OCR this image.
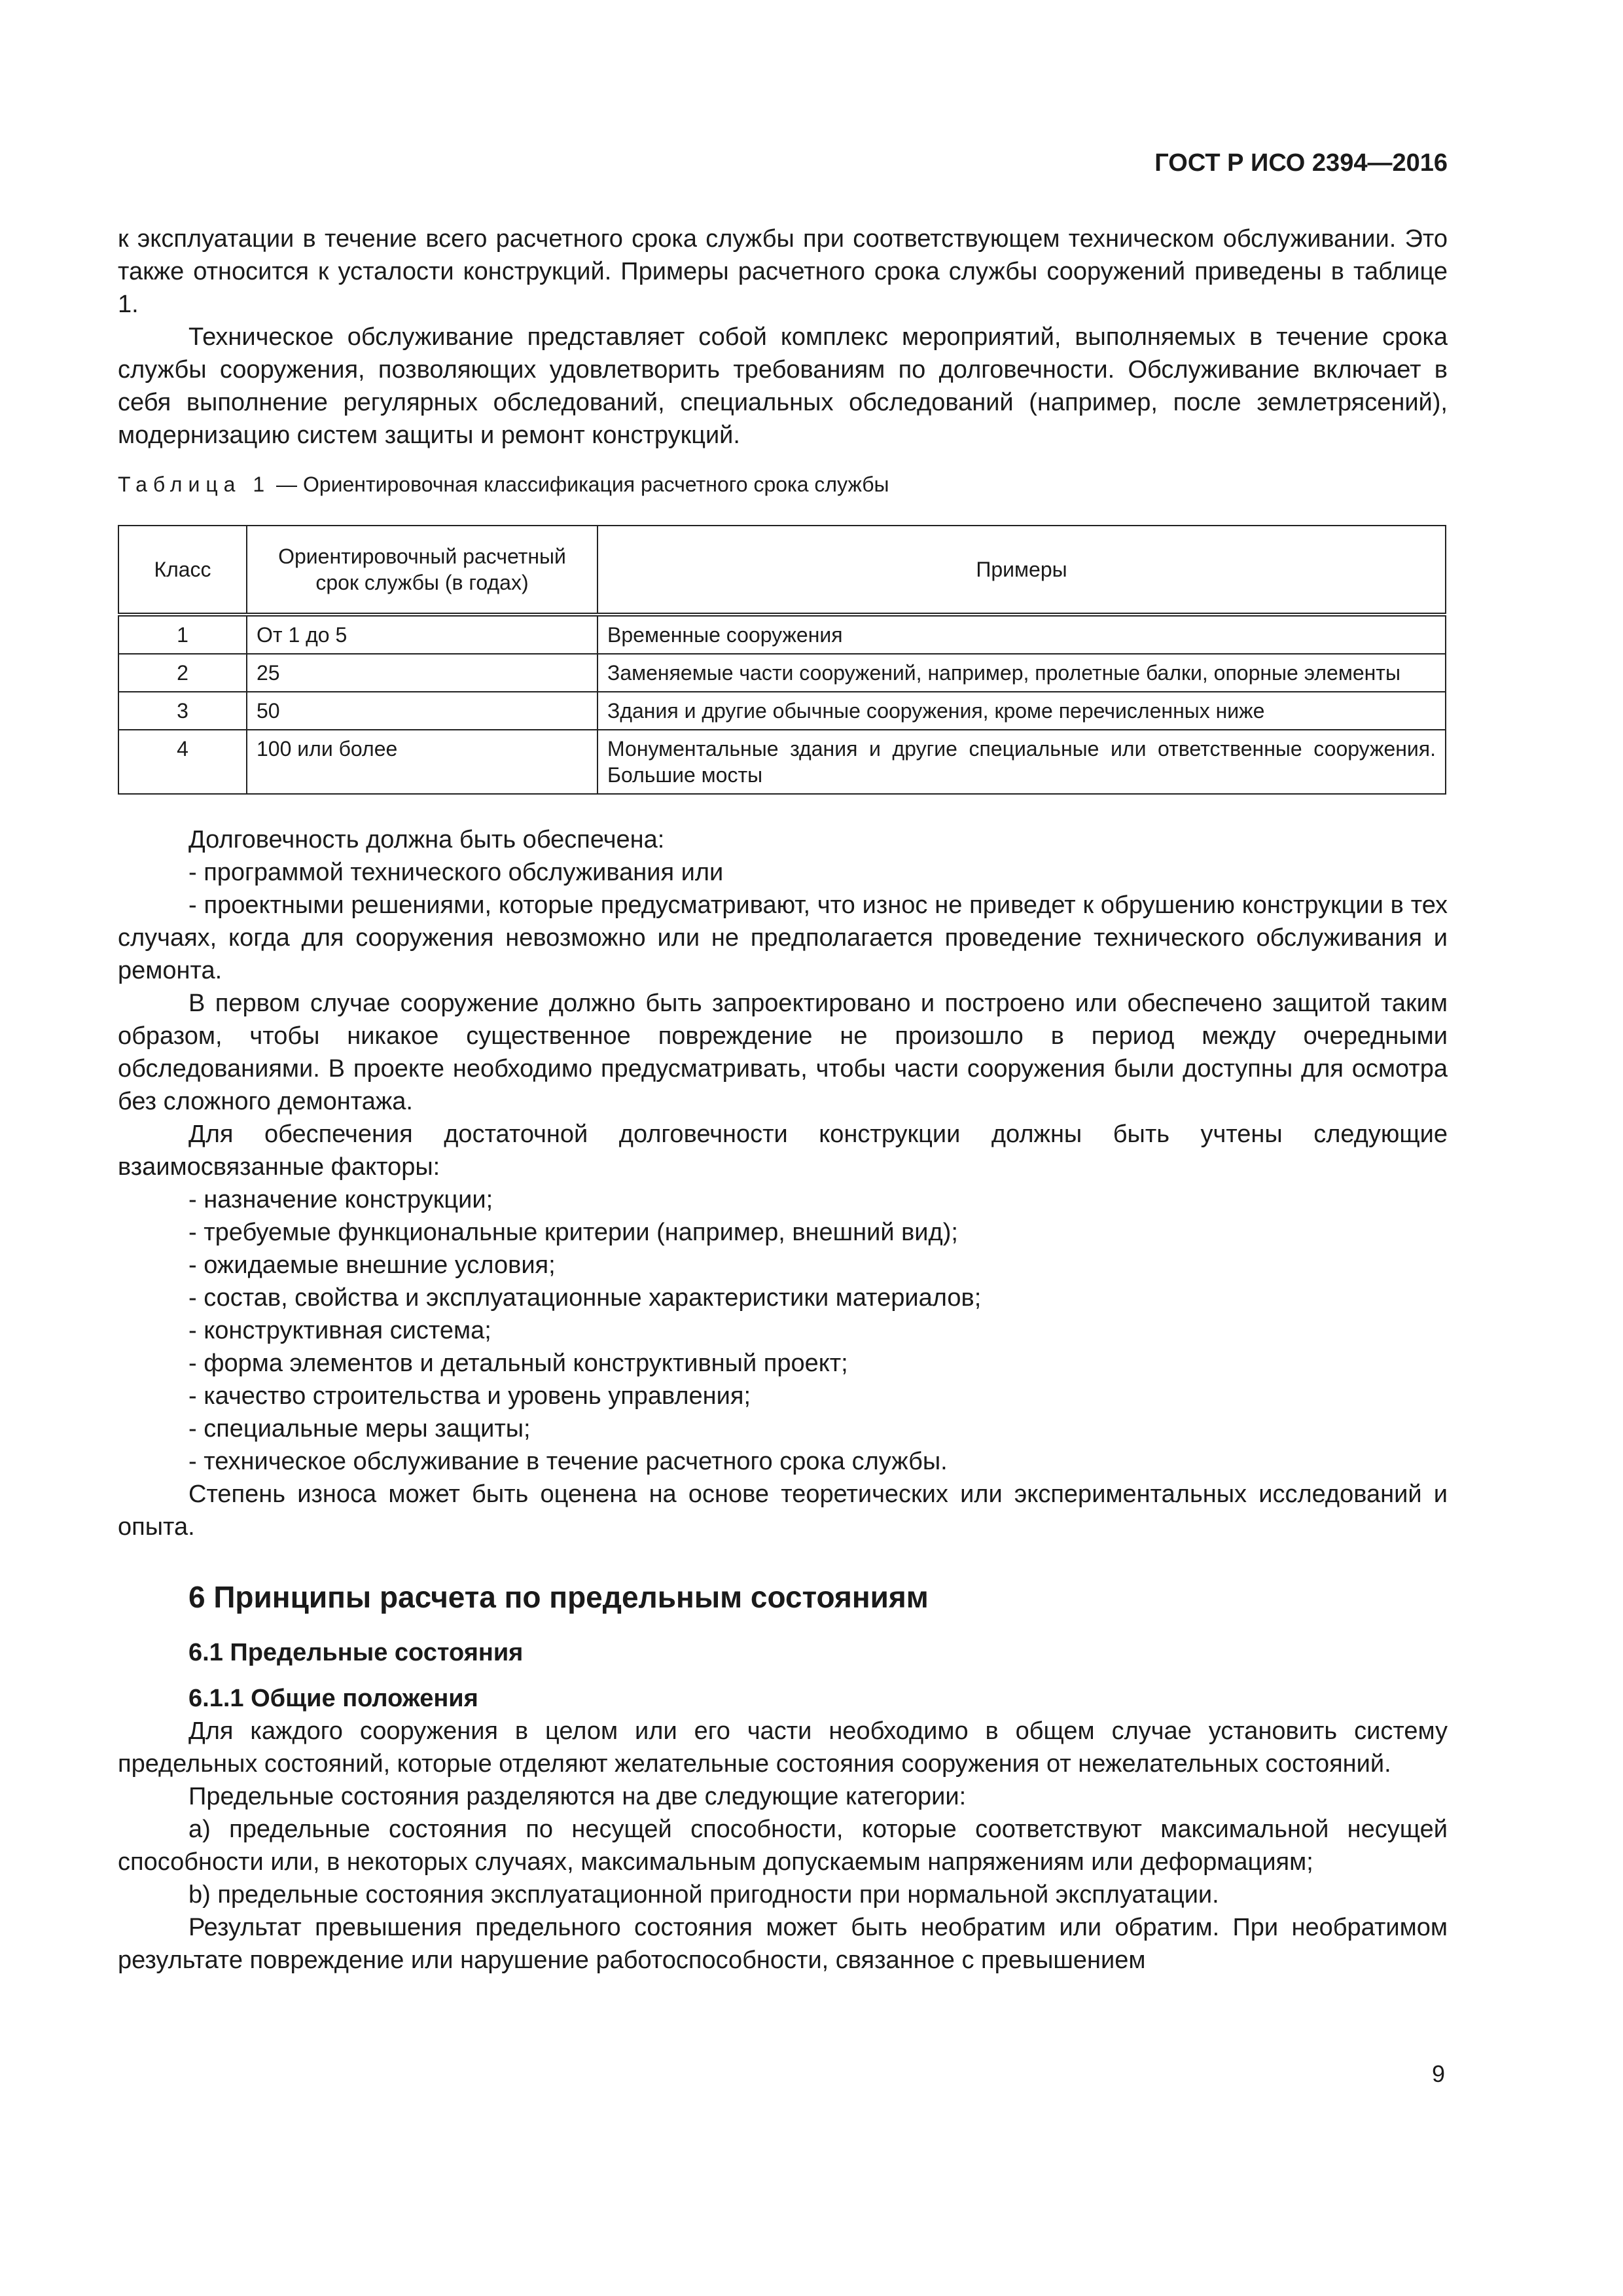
ГОСТ Р ИСО 2394—2016

к эксплуатации в течение всего расчетного срока службы при соответствующем техническом обслуживании. Это также относится к усталости конструкций. Примеры расчетного срока службы сооружений приведены в таблице 1.

Техническое обслуживание представляет собой комплекс мероприятий, выполняемых в течение срока службы сооружения, позволяющих удовлетворить требованиям по долговечности. Обслуживание включает в себя выполнение регулярных обследований, специальных обследований (например, после землетрясений), модернизацию систем защиты и ремонт конструкций.

Таблица 1 — Ориентировочная классификация расчетного срока службы

Класс	Ориентировочный расчетный срок службы (в годах)	Примеры
1	От 1 до 5	Временные сооружения
2	25	Заменяемые части сооружений, например, пролетные балки, опорные элементы
3	50	Здания и другие обычные сооружения, кроме перечисленных ниже
4	100 или более	Монументальные здания и другие специальные или ответственные сооружения. Большие мосты

Долговечность должна быть обеспечена:

- программой технического обслуживания или

- проектными решениями, которые предусматривают, что износ не приведет к обрушению конструкции в тех случаях, когда для сооружения невозможно или не предполагается проведение технического обслуживания и ремонта.

В первом случае сооружение должно быть запроектировано и построено или обеспечено защитой таким образом, чтобы никакое существенное повреждение не произошло в период между очередными обследованиями. В проекте необходимо предусматривать, чтобы части сооружения были доступны для осмотра без сложного демонтажа.

Для обеспечения достаточной долговечности конструкции должны быть учтены следующие взаимосвязанные факторы:

- назначение конструкции;

- требуемые функциональные критерии (например, внешний вид);

- ожидаемые внешние условия;

- состав, свойства и эксплуатационные характеристики материалов;

- конструктивная система;

- форма элементов и детальный конструктивный проект;

- качество строительства и уровень управления;

- специальные меры защиты;

- техническое обслуживание в течение расчетного срока службы.

Степень износа может быть оценена на основе теоретических или экспериментальных исследований и опыта.

6 Принципы расчета по предельным состояниям
6.1 Предельные состояния
6.1.1 Общие положения

Для каждого сооружения в целом или его части необходимо в общем случае установить систему предельных состояний, которые отделяют желательные состояния сооружения от нежелательных состояний.

Предельные состояния разделяются на две следующие категории:

а) предельные состояния по несущей способности, которые соответствуют максимальной несущей способности или, в некоторых случаях, максимальным допускаемым напряжениям или деформациям;

b) предельные состояния эксплуатационной пригодности при нормальной эксплуатации.

Результат превышения предельного состояния может быть необратим или обратим. При необратимом результате повреждение или нарушение работоспособности, связанное с превышением

9
